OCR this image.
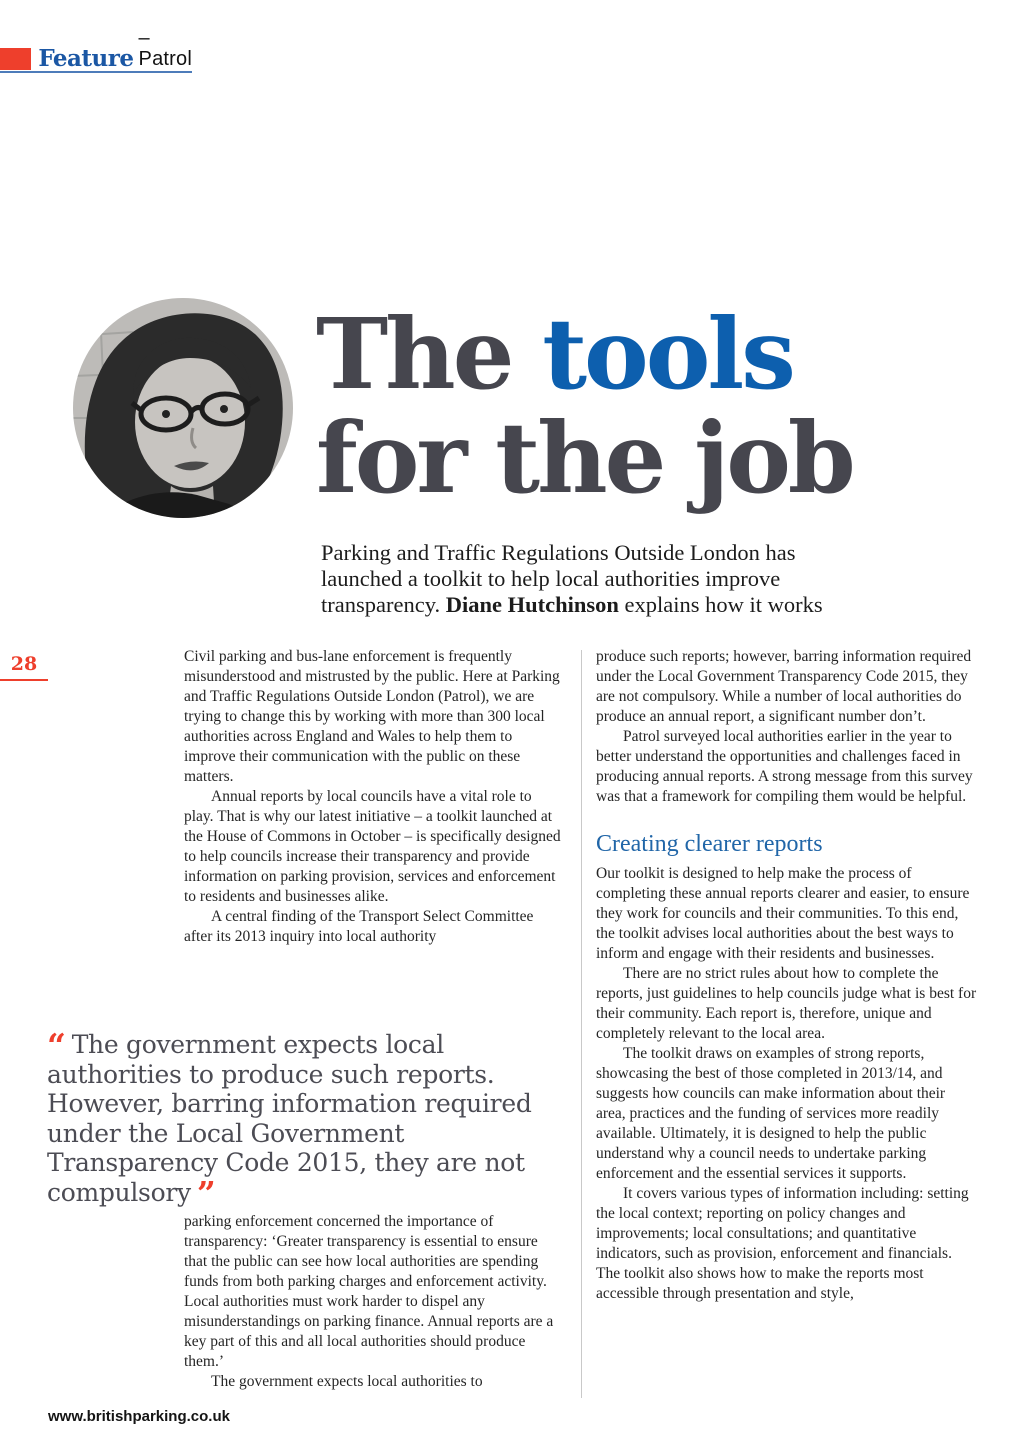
Feature
– Patrol
The tools
for the job

Parking and Traffic Regulations Outside London has launched a toolkit to help local authorities improve transparency. Diane Hutchinson explains how it works

28	Civil parking and bus-lane enforcement is frequently misunderstood and mistrusted by the public. Here at Parking and Traffic Regulations Outside London (Patrol), we are trying to change this by working with more than 300 local authorities across England and Wales to help them to improve their communication with the public on these matters.

Annual reports by local councils have a vital role to play. That is why our latest initiative – a toolkit launched at the House of Commons in October – is specifically designed to help councils increase their transparency and provide information on parking provision, services and enforcement to residents and businesses alike.

A central finding of the Transport Select Committee after its 2013 inquiry into local authority

“ The government expects local authorities to produce such reports. However, barring information required under the Local Government Transparency Code 2015, they are not compulsory ”

parking enforcement concerned the importance of transparency: ‘Greater transparency is essential to ensure that the public can see how local authorities are spending funds from both parking charges and enforcement activity. Local authorities must work harder to dispel any misunderstandings on parking finance. Annual reports are a key part of this and all local authorities should produce them.’

The government expects local authorities to

produce such reports; however, barring information required under the Local Government Transparency Code 2015, they are not compulsory. While a number of local authorities do produce an annual report, a significant number don’t.

Patrol surveyed local authorities earlier in the year to better understand the opportunities and challenges faced in producing annual reports. A strong message from this survey was that a framework for compiling them would be helpful.

Creating clearer reports

Our toolkit is designed to help make the process of completing these annual reports clearer and easier, to ensure they work for councils and their communities. To this end, the toolkit advises local authorities about the best ways to inform and engage with their residents and businesses.

There are no strict rules about how to complete the reports, just guidelines to help councils judge what is best for their community. Each report is, therefore, unique and completely relevant to the local area.

The toolkit draws on examples of strong reports, showcasing the best of those completed in 2013/14, and suggests how councils can make information about their area, practices and the funding of services more readily available. Ultimately, it is designed to help the public understand why a council needs to undertake parking enforcement and the essential services it supports.

It covers various types of information including: setting the local context; reporting on policy changes and improvements; local consultations; and quantitative indicators, such as provision, enforcement and financials. The toolkit also shows how to make the reports most accessible through presentation and style,

www.britishparking.co.uk
